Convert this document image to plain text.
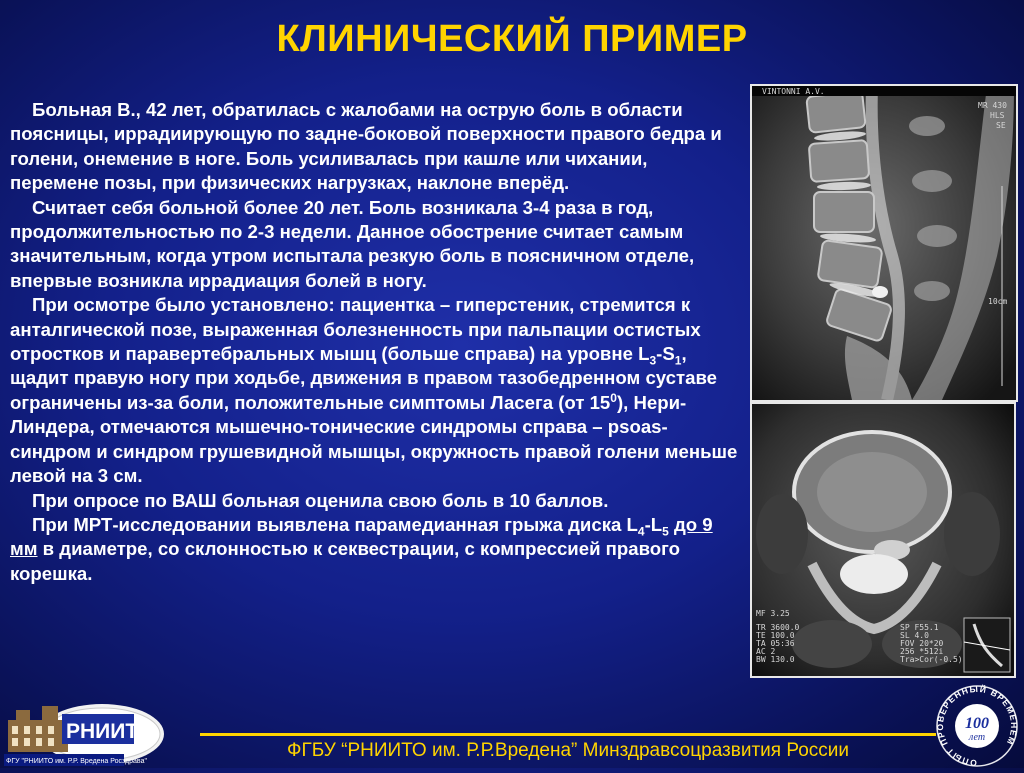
КЛИНИЧЕСКИЙ ПРИМЕР

Больная В., 42 лет, обратилась с жалобами на острую боль в области поясницы, иррадиирующую по задне-боковой поверхности правого бедра и голени, онемение в ноге. Боль усиливалась при кашле или чихании, перемене позы, при физических нагрузках, наклоне вперёд.

Считает себя больной более 20 лет. Боль возникала 3-4 раза в год, продолжительностью по 2-3 недели. Данное обострение считает самым значительным, когда утром испытала резкую боль в поясничном отделе, впервые возникла иррадиация болей в ногу.

При осмотре было установлено: пациентка – гиперстеник, стремится к анталгической позе, выраженная болезненность при пальпации остистых отростков и паравертебральных мышц (больше справа) на уровне $L_3-S_1$, щадит правую ногу при ходьбе, движения в правом тазобедренном суставе ограничены из-за боли, положительные симптомы Ласега (от $15^0$), Нери-Линдера, отмечаются мышечно-тонические синдромы справа – psoas-синдром и синдром грушевидной мышцы, окружность правой голени меньше левой на 3 см.

При опросе по ВАШ больная оценила свою боль в 10 баллов.

При МРТ-исследовании выявлена парамедианная грыжа диска $L_4-L_5$ до 9 мм в диаметре, со склонностью к секвестрации, с компрессией правого корешка.

VINTONNI A.V.
MR 430
HLS
SE
10cm
MF 3.25
TR 3600.0
TE 100.0
TA 05:36
AC 2
BW 130.0
SP F55.1
SL 4.0
FOV 20*20
256 *512i
Tra>Cor(-0.5)
РНИИТО
ФГУ "РНИИТО им. Р.Р. Вредена Росздрава"
ФГБУ “РНИИТО им. Р.Р.Вредена” Минздравсоцразвития России
ОПЫТ ПРОВЕРЕННЫЙ ВРЕМЕНЕМ
100
лет
